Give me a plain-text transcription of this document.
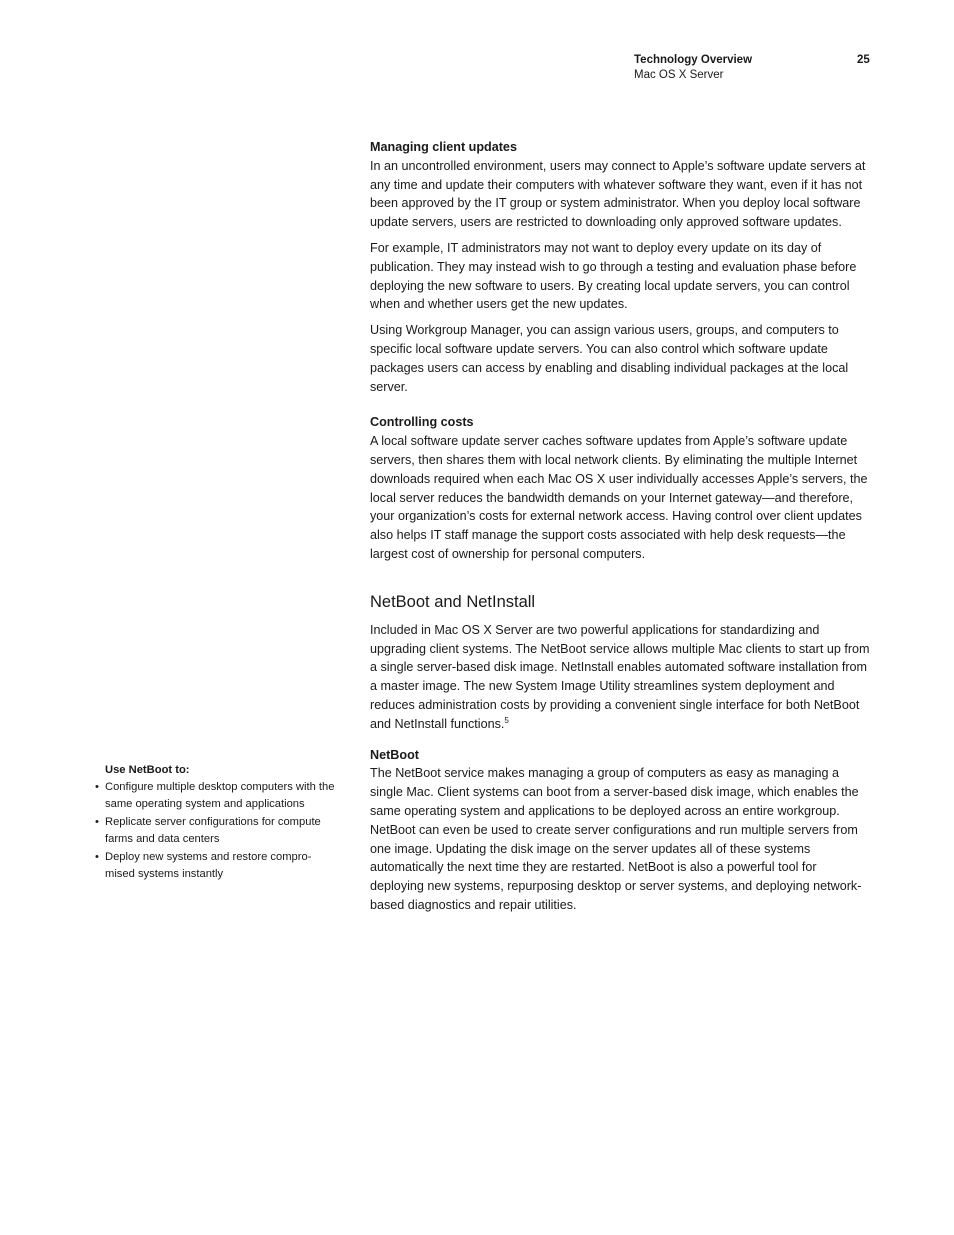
Technology Overview
Mac OS X Server
25
Managing client updates

In an uncontrolled environment, users may connect to Apple’s software update servers at any time and update their computers with whatever software they want, even if it has not been approved by the IT group or system administrator. When you deploy local software update servers, users are restricted to downloading only approved software updates.

For example, IT administrators may not want to deploy every update on its day of publication. They may instead wish to go through a testing and evaluation phase before deploying the new software to users. By creating local update servers, you can control when and whether users get the new updates.

Using Workgroup Manager, you can assign various users, groups, and computers to specific local software update servers. You can also control which software update packages users can access by enabling and disabling individual packages at the local server.

Controlling costs

A local software update server caches software updates from Apple’s software update servers, then shares them with local network clients. By eliminating the multiple Internet downloads required when each Mac OS X user individually accesses Apple’s servers, the local server reduces the bandwidth demands on your Internet gateway—and therefore, your organization’s costs for external network access. Having control over client updates also helps IT staff manage the support costs associated with help desk requests—the largest cost of ownership for personal computers.

NetBoot and NetInstall

Included in Mac OS X Server are two powerful applications for standardizing and upgrading client systems. The NetBoot service allows multiple Mac clients to start up from a single server-based disk image. NetInstall enables automated software installation from a master image. The new System Image Utility streamlines system deployment and reduces administration costs by providing a convenient single interface for both NetBoot and NetInstall functions.$^5$

NetBoot

The NetBoot service makes managing a group of computers as easy as managing a single Mac. Client systems can boot from a server-based disk image, which enables the same operating system and applications to be deployed across an entire workgroup. NetBoot can even be used to create server configurations and run multiple servers from one image. Updating the disk image on the server updates all of these systems automatically the next time they are restarted. NetBoot is also a powerful tool for deploying new systems, repurposing desktop or server systems, and deploying network-based diagnostics and repair utilities.

Use NetBoot to:
• Configure multiple desktop computers with the same operating system and applications
• Replicate server configurations for compute farms and data centers
• Deploy new systems and restore compro-mised systems instantly
